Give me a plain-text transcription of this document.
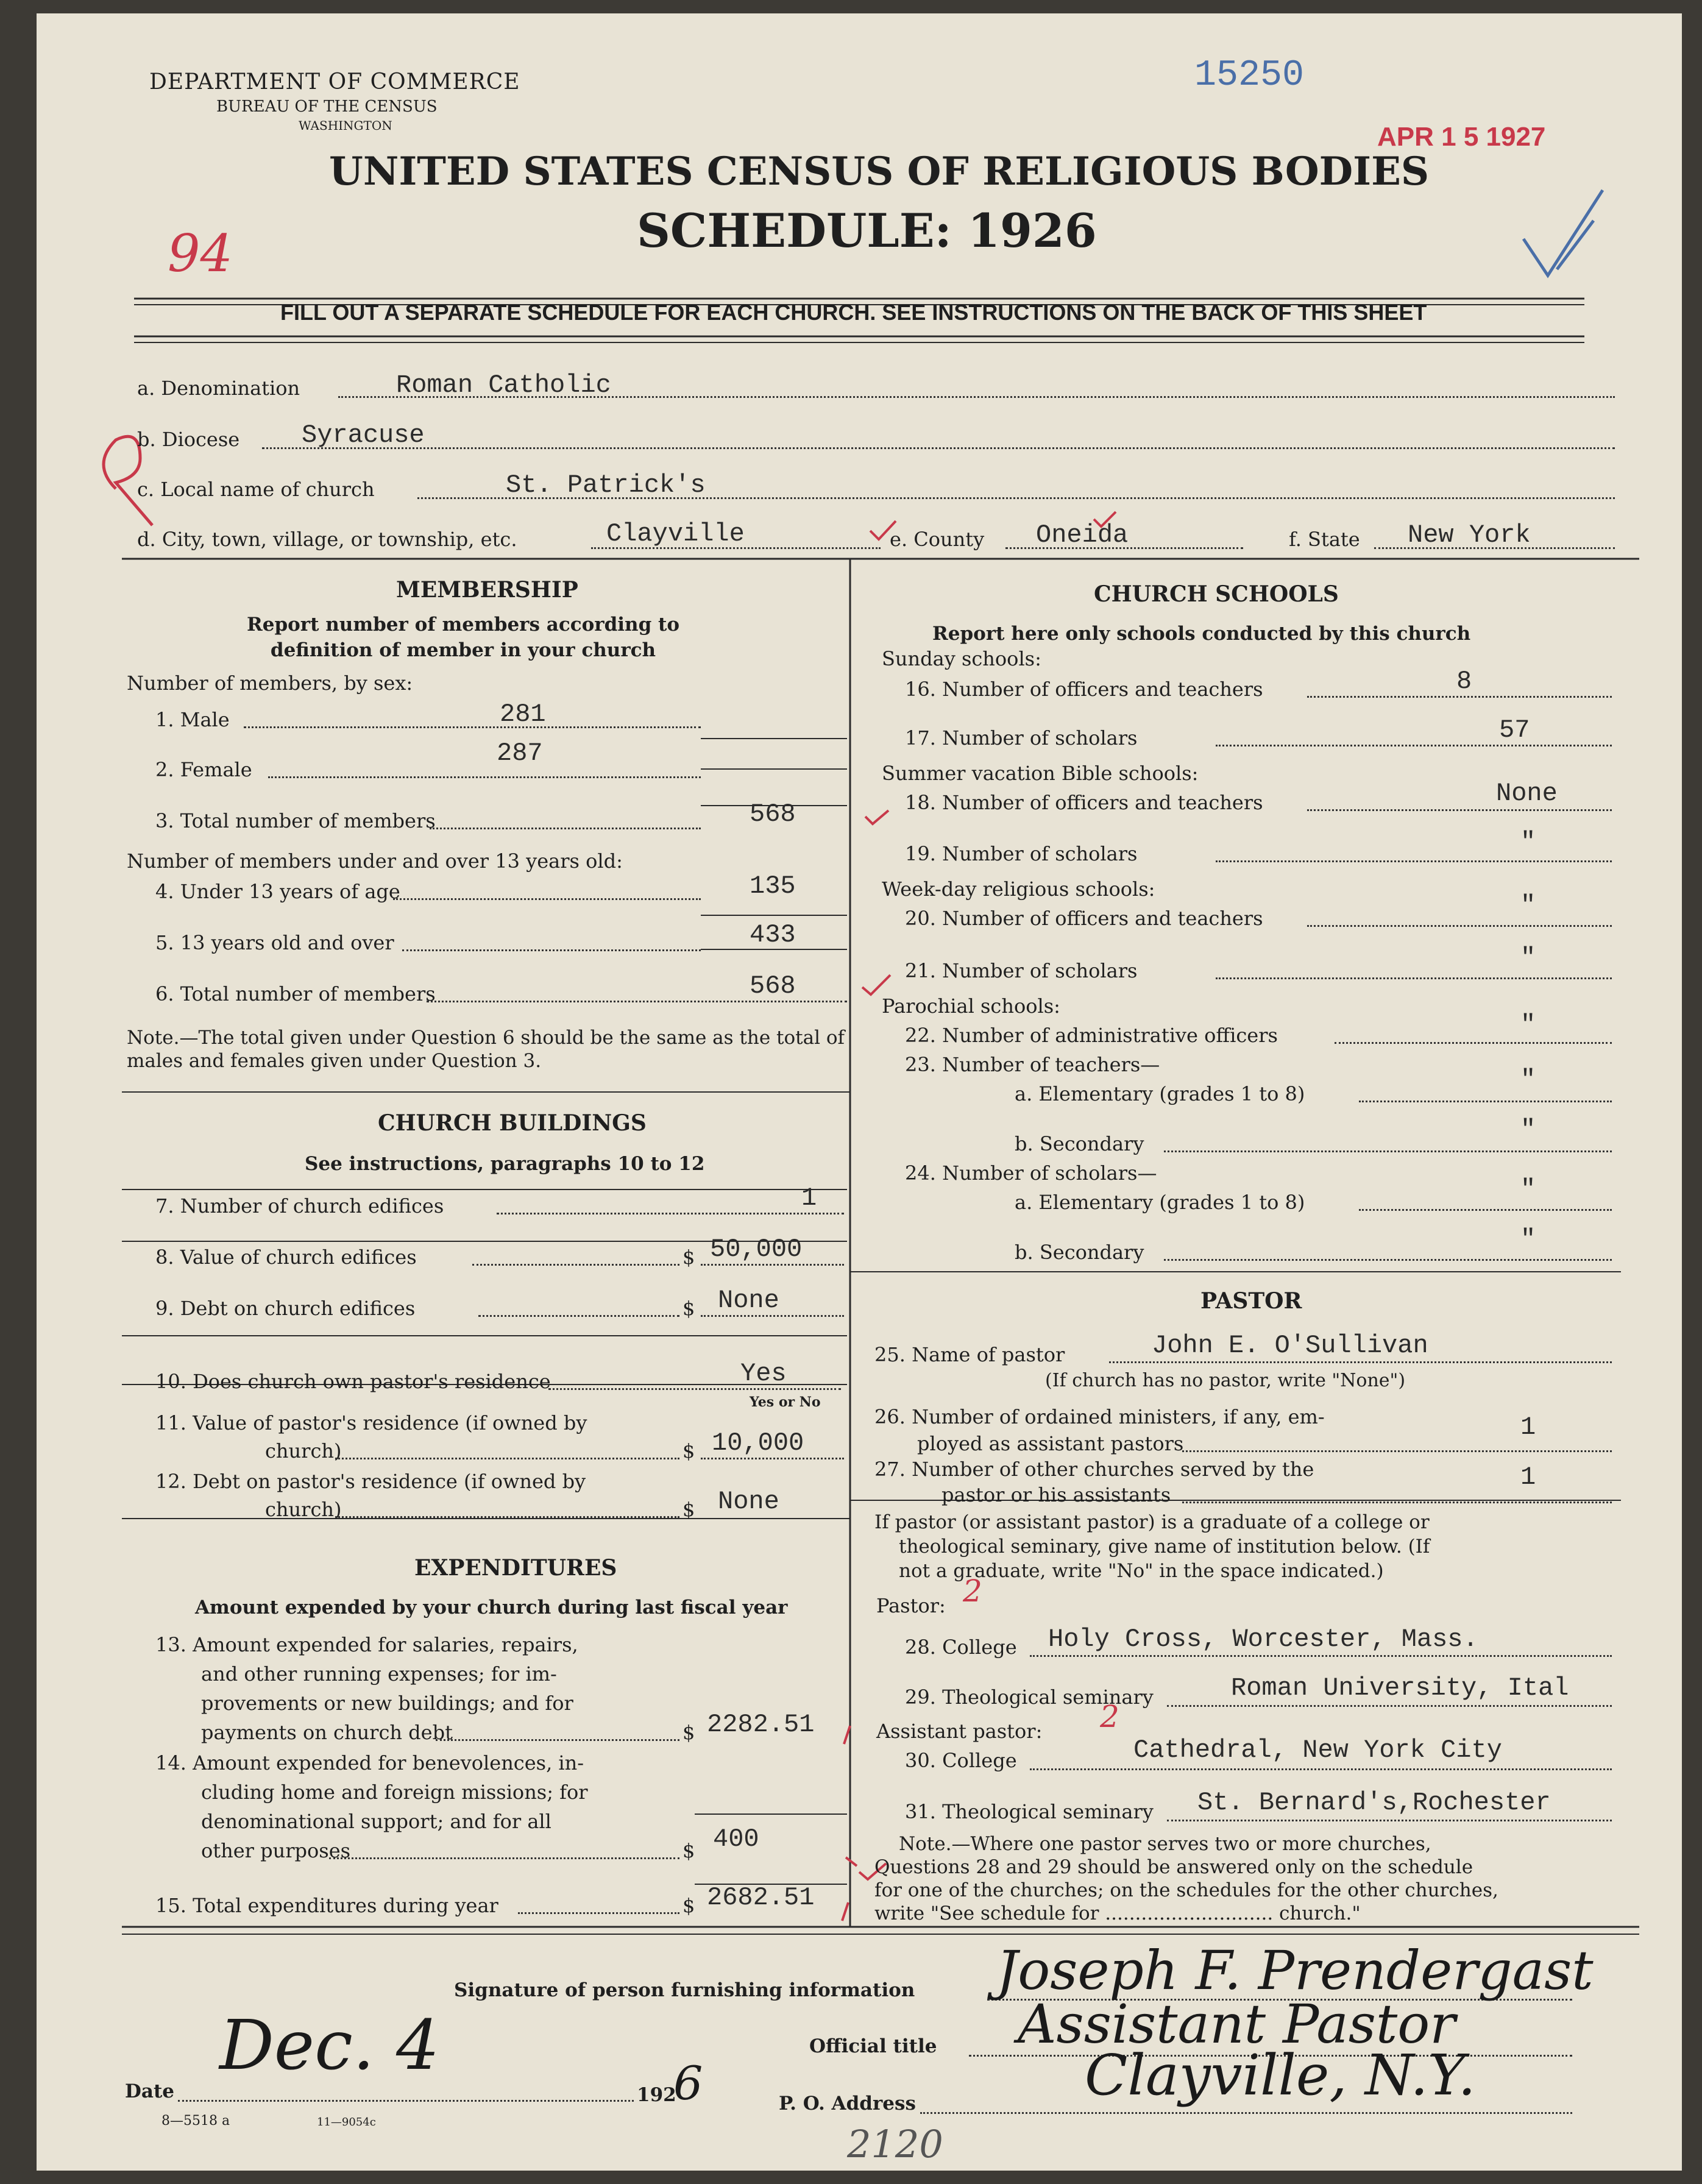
DEPARTMENT OF COMMERCE
BUREAU OF THE CENSUS
WASHINGTON
15250
APR 1 5 1927
UNITED STATES CENSUS OF RELIGIOUS BODIES
SCHEDULE: 1926
94
FILL OUT A SEPARATE SCHEDULE FOR EACH CHURCH. SEE INSTRUCTIONS ON THE BACK OF THIS SHEET
a. Denomination	Roman Catholic
b. Diocese Syracuse
c. Local name of church	St. Patrick's
d. City, town, village, or township, etc.	Clayville	e. County Oneida	f. State New York
MEMBERSHIP
Report number of members according to definition of member in your church
Number of members, by sex:
1. Male	281
2. Female
287
3. Total number of members	568
Number of members under and over 13 years old:
4. Under 13 years of age	135
5. 13 years old and over	433
6. Total number of members	568
Note.—The total given under Question 6 should be the same as the total of males and females given under Question 3.
CHURCH BUILDINGS
See instructions, paragraphs 10 to 12
7. Number of church edifices	1
8. Value of church edifices	$ 50,000
9. Debt on church edifices	$ None
10. Does church own pastor's residence	Yes
Yes or No
11. Value of pastor's residence (if owned by
church)	$ 10,000
12. Debt on pastor's residence (if owned by
church)	$ None
EXPENDITURES
Amount expended by your church during last fiscal year
13. Amount expended for salaries, repairs,
and other running expenses; for im-
provements or new buildings; and for
payments on church debt	$ 2282.51
14. Amount expended for benevolences, in-
cluding home and foreign missions; for
denominational support; and for all
other purposes	$ 400
15. Total expenditures during year	$ 2682.51
CHURCH SCHOOLS
Report here only schools conducted by this church
Sunday schools:
16. Number of officers and teachers	8
17. Number of scholars	57
Summer vacation Bible schools:
18. Number of officers and teachers	None
19. Number of scholars	"
Week-day religious schools:
20. Number of officers and teachers	"
21. Number of scholars	"
Parochial schools:
22. Number of administrative officers	"
23. Number of teachers—
a. Elementary (grades 1 to 8)	"
b. Secondary	"
24. Number of scholars—
a. Elementary (grades 1 to 8)	"
b. Secondary	"
PASTOR
25. Name of pastor	John E. O'Sullivan
(If church has no pastor, write "None")
26. Number of ordained ministers, if any, em-
ployed as assistant pastors
1
27. Number of other churches served by the
pastor or his assistants
1
If pastor (or assistant pastor) is a graduate of a college or
theological seminary, give name of institution below. (If
not a graduate, write "No" in the space indicated.)
Pastor: 2
28. College Holy Cross, Worcester, Mass.
29. Theological seminary	Roman University, Ital
Assistant pastor: 2
30. College	Cathedral, New York City
31. Theological seminary St. Bernard's,Rochester
Note.—Where one pastor serves two or more churches,
Questions 28 and 29 should be answered only on the schedule
for one of the churches; on the schedules for the other churches,
write "See schedule for ............................ church."
Signature of person furnishing information Joseph F. Prendergast
Official title Assistant Pastor
P. O. Address	Clayville, N.Y.
Date
Dec. 4
192
6
8—5518 a	11—9054c	2120
